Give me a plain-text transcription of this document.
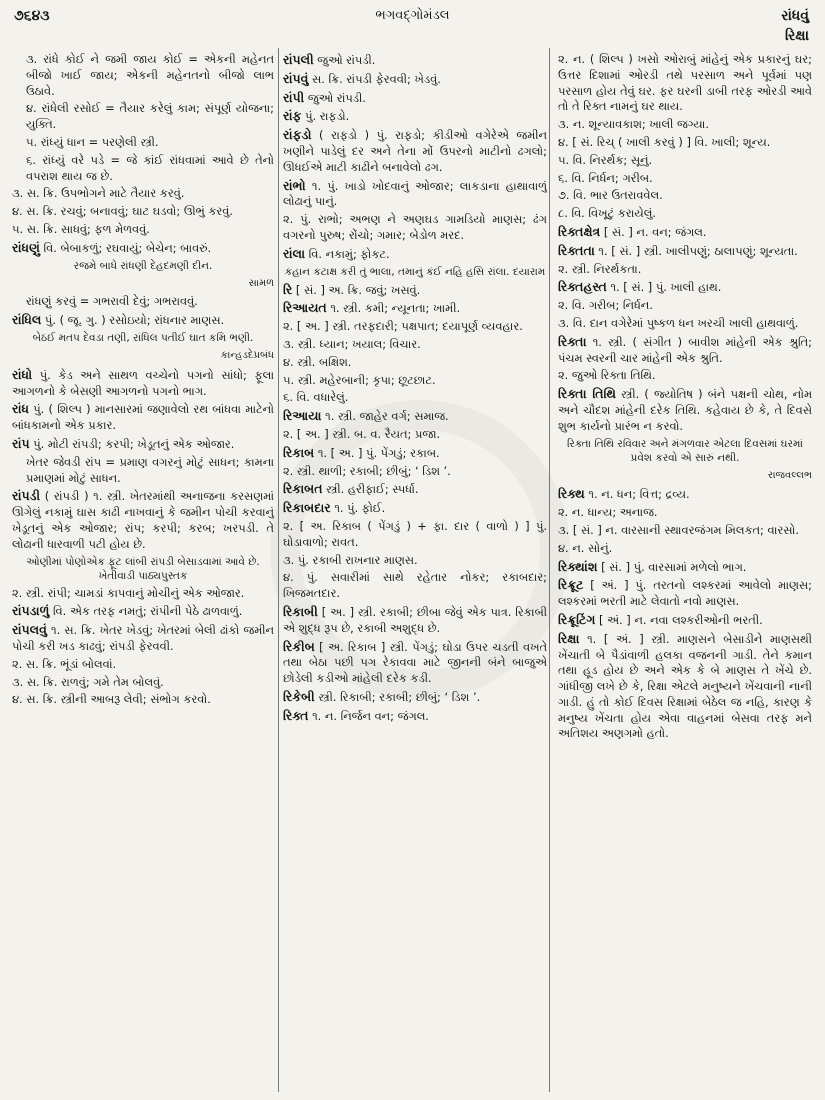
૭૬૪૩	ભગવદ્ગોમંડલ	રાંધવું
રિક્ષા

૩. રાંધે કોઈ ને જમી જાય કોઈ = એકની મહેનત બીજો ખાઈ જાય; એકની મહેનતનો બીજો લાભ ઉઠાવે.

૪. રાંધેલી રસોઈ = તૈયાર કરેલું કામ; સંપૂર્ણ યોજના; યુક્તિ.

૫. રાંધ્યું ધાન = પરણેલી સ્ત્રી.

૬. રાંધ્યું વરે પડે = જે કાંઈ રાંધવામાં આવે છે તેનો વપરાશ થાય જ છે.

૩. સ. ક્રિ. ઉપભોગને માટે તૈયાર કરવું.

૪. સ. ક્રિ. રચવું; બનાવવું; ઘાટ ઘડવો; ઊભું કરવું.

૫. સ. ક્રિ. સાધવું; ફળ મેળવવું.

રાંધણું વિ. બેબાકળું; રઘવાયું; બેચેન; બાવરું.

રજમે બાધે રાંધણી દેહદમણી દીન.

સામળ

રાંધણું કરવું = ગભરાવી દેવું; ગભરાવવું.

રાંધિલ પું. ( જૂ. ગુ. ) રસોઇયો; રાંધનાર માણસ.

બેઠઈ મતપ દેવડા તણી, રાંધિલ પતીઈ ઘાત કમિ ભણી.

કાન્હડદેપ્રબંધ

રાંધો પું. કેડ અને સાથળ વચ્ચેનો પગનો સાંધો; ફૂલા આગળનો કે બેસણી આગળનો પગનો ભાગ.

રાંધ પું. ( શિલ્પ ) માનસારમાં જણાવેલો રથ બાંધવા માટેનો બાંધકામનો એક પ્રકાર.

રાંપ પું. મોટી રાંપડી; કરપી; ખેડૂતનું એક ઓજાર.

ખેતર જેવડી રાંપ = પ્રમાણ વગરનું મોટું સાધન; કામના પ્રમાણમાં મોટું સાધન.

રાંપડી ( રાંપડી ) ૧. સ્ત્રી. ખેતરમાંથી અનાજના કરસણમાં ઊગેલું નકામું ઘાસ કાઢી નાખવાનું કે જમીન પોચી કરવાનું ખેડૂતનું એક ઓજાર; રાંપ; કરપી; કરબ; ખરપડી. તે લોઢાની ધારવાળી પટી હોય છે.

ઓણીમાં પોણોએક ફૂટ લાંબી રાંપડી બેસાડવામાં આવે છે. ખેતીવાડી પાઠ્યપુસ્તક

૨. સ્ત્રી. રાંપી; ચામડાં કાપવાનું મોચીનું એક ઓજાર.

રાંપડાળું વિ. એક તરફ નમતું; રાંપીની પેઠે ઢાળવાળું.

રાંપલવું ૧. સ. ક્રિ. ખેતર ખેડવું; ખેતરમાં બેલી ઢાંકો જમીન પોચી કરી ખડ કાઢવું; રાંપડી ફેરવવી.

૨. સ. ક્રિ. ભૂંડાં બોલવાં.

૩. સ. ક્રિ. રાળવું; ગમે તેમ બોલવું.

૪. સ. ક્રિ. સ્ત્રીની આબરૂ લેવી; સંભોગ કરવો.

રાંપલી જુઓ રાંપડી.

રાંપવું સ. ક્રિ. રાંપડી ફેરવવી; ખેડવું.

રાંપી જુઓ રાંપડી.

રાંફ પું. રાફડો.

રાંફડો ( રાફડો ) પું. રાફડો; કીડીઓ વગેરેએ જમીન ખણીને પાડેલું દર અને તેના મોં ઉપરનો માટીનો ઢગલો; ઊધઈએ માટી કાઢીને બનાવેલો ઢગ.

રાંભો ૧. પું. ખાડો ખોદવાનું ઓજાર; લાકડાના હાથાવાળું લોઢાનું પાનું.

૨. પું. રાભો; અભણ ને અણઘડ ગામડિયો માણસ; ઢંગ વગરનો પુરુષ; રોંચો; ગમાર; બેડોળ મરદ.

રાંલા વિ. નકામું; ફોકટ.

કહાન કટાક્ષ કરી તું ભાલા, તમાનું કંઈ નહિ હસિ રાંલા. દયારામ

રિ [ સં. ] અ. ક્રિ. જવું; ખસવું.

રિઆયત ૧. સ્ત્રી. કમી; ન્યૂનતા; ખામી.

૨. [ અ. ] સ્ત્રી. તરફદારી; પક્ષપાત; દયાપૂર્ણ વ્યવહાર.

૩. સ્ત્રી. ધ્યાન; ખયાલ; વિચાર.

૪. સ્ત્રી. બક્ષિશ.

૫. સ્ત્રી. મહેરબાની; કૃપા; છૂટછાટ.

૬. વિ. વધારેલું.

રિઆયા ૧. સ્ત્રી. જાહેર વર્ગ; સમાજ.

૨. [ અ. ] સ્ત્રી. બ. વ. રૈયત; પ્રજા.

રિકાબ ૧. [ અ. ] પું. પેંગડું; રકાબ.

૨. સ્ત્રી. થાળી; રકાબી; છીબું; ‘ ડિશ ’.

રિકાબત સ્ત્રી. હરીફાઈ; સ્પર્ધા.

રિકાબદાર ૧. પું. ફોઈ.

૨. [ અ. રિકાબ ( પેંગડું ) + ફા. દાર ( વાળો ) ] પું. ઘોડાવાળો; રાવત.

૩. પું. રકાબી રાખનાર માણસ.

૪. પું. સવારીમાં સાથે રહેતાર નોકર; રકાબદાર; ખિજમતદાર.

રિકાબી [ અ. ] સ્ત્રી. રકાબી; છીબા જેવું એક પાત્ર. રિકાબી એ શુદ્ધ રૂપ છે, રકાબી અશુદ્ધ છે.

રિકીબ [ અ. રિકાબ ] સ્ત્રી. પેંગડું; ઘોડા ઉપર ચડતી વખતે તથા બેઠા પછી પગ રેકાવવા માટે જીનની બંને બાજુએ છોડેલી કડીઓ માંહેલી દરેક કડી.

રિકેબી સ્ત્રી. રિકાબી; રકાબી; છીબું; ‘ ડિશ ’.

રિક્ત ૧. ન. નિર્જન વન; જંગલ.

૨. ન. ( શિલ્પ ) ખસો ઓરાબું માંહેનું એક પ્રકારનું ઘર; ઉત્તર દિશામાં ઓરડી તથે પરસાળ અને પૂર્વમાં પણ પરસાળ હોય તેવું ઘર. ફર ઘરની ડાબી તરફ ઓરડી આવે તો તે રિક્ત નામનું ઘર થાય.

૩. ન. શૂન્યાવકાશ; ખાલી જગ્યા.

૪. [ સં. રિચ્ ( ખાલી કરવું ) ] વિ. ખાલી; શૂન્ય.

૫. વિ. નિરર્થક; સૂનું.

૬. વિ. નિર્ધન; ગરીબ.

૭. વિ. ભાર ઉતરાવવેલ.

૮. વિ. વિખૂટું કરાયેલું.

રિક્તક્ષેત્ર [ સં. ] ન. વન; જંગલ.

રિક્તતા ૧. [ સં. ] સ્ત્રી. ખાલીપણું; ઠાલાપણું; શૂન્યતા.

૨. સ્ત્રી. નિરર્થકતા.

રિક્તહસ્ત ૧. [ સં. ] પું. ખાલી હાથ.

૨. વિ. ગરીબ; નિર્ધન.

૩. વિ. દાન વગેરેમાં પુષ્કળ ધન ખરચી ખાલી હાથવાળું.

રિક્તા ૧. સ્ત્રી. ( સંગીત ) બાવીશ માંહેની એક શ્રુતિ; પંચમ સ્વરની ચાર માંહેની એક શ્રુતિ.

૨. જુઓ રિક્તા તિથિ.

રિક્તા તિથિ સ્ત્રી. ( જ્યોતિષ ) બંને પક્ષની ચોથ, નોમ અને ચૌદશ માંહેની દરેક તિથિ. કહેવાય છે કે, તે દિવસે શુભ કાર્યનો પ્રારંભ ન કરવો.

રિક્તા તિથિ રવિવાર અને મંગળવાર એટલા દિવસમાં ઘરમાં પ્રવેશ કરવો એ સારું નથી.

રાજવલ્લભ

રિક્થ ૧. ન. ધન; વિત્ત; દ્રવ્ય.

૨. ન. ધાન્ય; અનાજ.

૩. [ સં. ] ન. વારસાની સ્થાવરજંગમ મિલકત; વારસો.

૪. ન. સોનું.

રિક્થાંશ [ સં. ] પું. વારસામાં મળેલો ભાગ.

રિક્રૂટ [ અં. ] પું. તરતનો લશ્કરમાં આવેલો માણસ; લશ્કરમાં ભરતી માટે લેવાતો નવો માણસ.

રિક્રૂટિંગ [ અં. ] ન. નવા લશ્કરીઓની ભરતી.

રિક્ષા ૧. [ અં. ] સ્ત્રી. માણસને બેસાડીને માણસથી ખેંચાતી બે પૈડાંવાળી હલકા વજનની ગાડી. તેને કમાન તથા હૂડ હોય છે અને એક કે બે માણસ તે ખેંચે છે. ગાંધીજી લખે છે કે, રિક્ષા એટલે મનુષ્યને ખેંચવાની નાની ગાડી. હું તો કોઈ દિવસ રિક્ષામાં બેઠેલ જ નહિ, કારણ કે મનુષ્ય ખેંચતા હોય એવા વાહનમાં બેસવા તરફ મને અતિશય અણગમો હતો.
